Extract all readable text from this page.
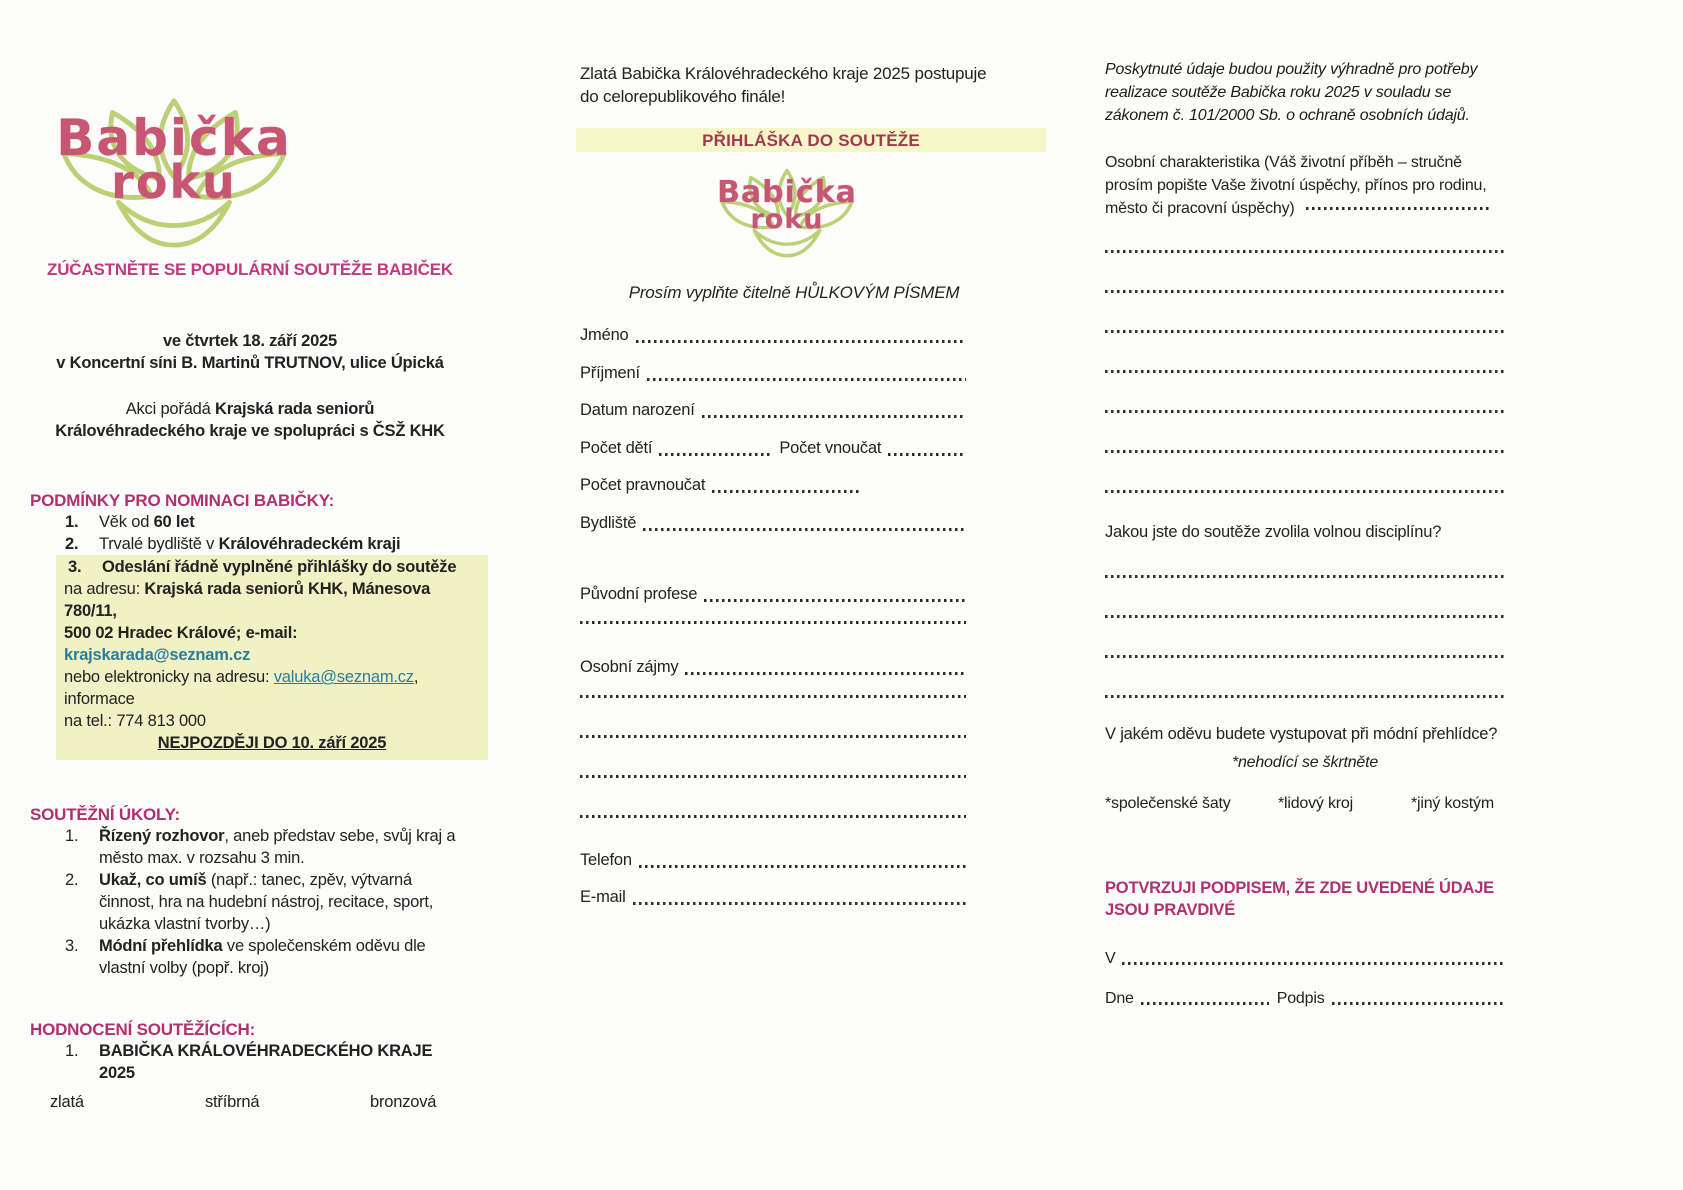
Babička
roku
ZÚČASTNĚTE SE POPULÁRNÍ SOUTĚŽE BABIČEK
ve čtvrtek 18. září 2025
v Koncertní síni B. Martinů TRUTNOV, ulice Úpická
Akci pořádá Krajská rada seniorů
Královéhradeckého kraje ve spolupráci s ČSŽ KHK
PODMÍNKY PRO NOMINACI BABIČKY:
1.	Věk od 60 let
2.	Trvalé bydliště v Královéhradeckém kraji
3.	Odeslání řádně vyplněné přihlášky do soutěže
na adresu: Krajská rada seniorů KHK, Mánesova 780/11,
500 02 Hradec Králové; e-mail: krajskarada@seznam.cz
nebo elektronicky na adresu: valuka@seznam.cz, informace
na tel.: 774 813 000
NEJPOZDĚJI DO 10. září 2025
SOUTĚŽNÍ ÚKOLY:
1.	Řízený rozhovor, aneb představ sebe, svůj kraj a město max. v rozsahu 3 min.
2.	Ukaž, co umíš (např.: tanec, zpěv, výtvarná činnost, hra na hudební nástroj, recitace, sport, ukázka vlastní tvorby…)
3.	Módní přehlídka ve společenském oděvu dle vlastní volby (popř. kroj)
HODNOCENÍ SOUTĚŽÍCÍCH:
1.	BABIČKA KRÁLOVÉHRADECKÉHO KRAJE 2025
zlatá	stříbrná	bronzová
Zlatá Babička Královéhradeckého kraje 2025 postupuje do celorepublikového finále!
PŘIHLÁŠKA DO SOUTĚŽE
Babička
roku
Prosím vyplňte čitelně HŮLKOVÝM PÍSMEM
Jméno
Příjmení
Datum narození
Počet dětí	Počet vnoučat
Počet pravnoučat
Bydliště
Původní profese
Osobní zájmy
Telefon
E-mail
Poskytnuté údaje budou použity výhradně pro potřeby realizace soutěže Babička roku 2025 v souladu se zákonem č. 101/2000 Sb. o ochraně osobních údajů.
Osobní charakteristika (Váš životní příběh – stručně prosím popište Vaše životní úspěchy, přínos pro rodinu, město či pracovní úspěchy)
Jakou jste do soutěže zvolila volnou disciplínu?
V jakém oděvu budete vystupovat při módní přehlídce?
*nehodící se škrtněte
*společenské šaty	*lidový kroj	*jiný kostým
POTVRZUJI PODPISEM, ŽE ZDE UVEDENÉ ÚDAJE JSOU PRAVDIVÉ
V
Dne	Podpis
